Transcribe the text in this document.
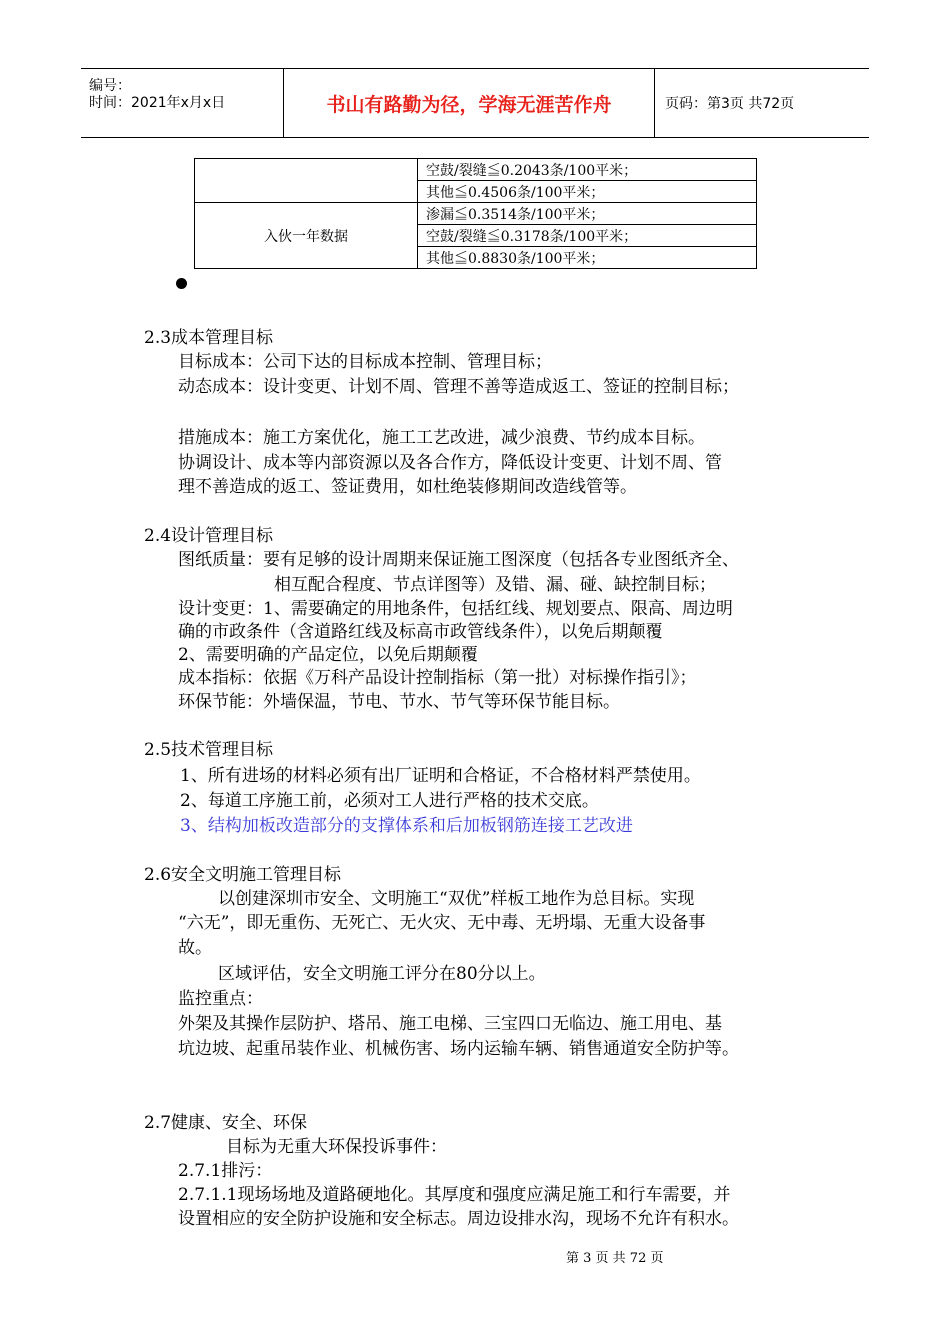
编号：
时间：2021年x月x日	书山有路勤为径，学海无涯苦作舟	页码：第3页 共72页
	空鼓/裂缝≦0.2043条/100平米；
	其他≦0.4506条/100平米；
入伙一年数据	渗漏≦0.3514条/100平米；
	空鼓/裂缝≦0.3178条/100平米；
	其他≦0.8830条/100平米；
2.3成本管理目标
目标成本：公司下达的目标成本控制、管理目标；
动态成本：设计变更、计划不周、管理不善等造成返工、签证的控制目标；
措施成本：施工方案优化，施工工艺改进，减少浪费、节约成本目标。
协调设计、成本等内部资源以及各合作方，降低设计变更、计划不周、管
理不善造成的返工、签证费用，如杜绝装修期间改造线管等。
2.4设计管理目标
图纸质量：要有足够的设计周期来保证施工图深度（包括各专业图纸齐全、
相互配合程度、节点详图等）及错、漏、碰、缺控制目标；
设计变更：1、需要确定的用地条件，包括红线、规划要点、限高、周边明
确的市政条件（含道路红线及标高市政管线条件），以免后期颠覆
2、需要明确的产品定位，以免后期颠覆
成本指标：依据《万科产品设计控制指标（第一批）对标操作指引》；
环保节能：外墙保温，节电、节水、节气等环保节能目标。
2.5技术管理目标
1、所有进场的材料必须有出厂证明和合格证，不合格材料严禁使用。
2、每道工序施工前，必须对工人进行严格的技术交底。
3、结构加板改造部分的支撑体系和后加板钢筋连接工艺改进
2.6安全文明施工管理目标
以创建深圳市安全、文明施工“双优”样板工地作为总目标。实现
“六无”，即无重伤、无死亡、无火灾、无中毒、无坍塌、无重大设备事
故。
区域评估，安全文明施工评分在80分以上。
监控重点：
外架及其操作层防护、塔吊、施工电梯、三宝四口无临边、施工用电、基
坑边坡、起重吊装作业、机械伤害、场内运输车辆、销售通道安全防护等。
2.7健康、安全、环保
目标为无重大环保投诉事件：
2.7.1排污：
2.7.1.1现场场地及道路硬地化。其厚度和强度应满足施工和行车需要，并
设置相应的安全防护设施和安全标志。周边设排水沟，现场不允许有积水。
第 3 页 共 72 页
